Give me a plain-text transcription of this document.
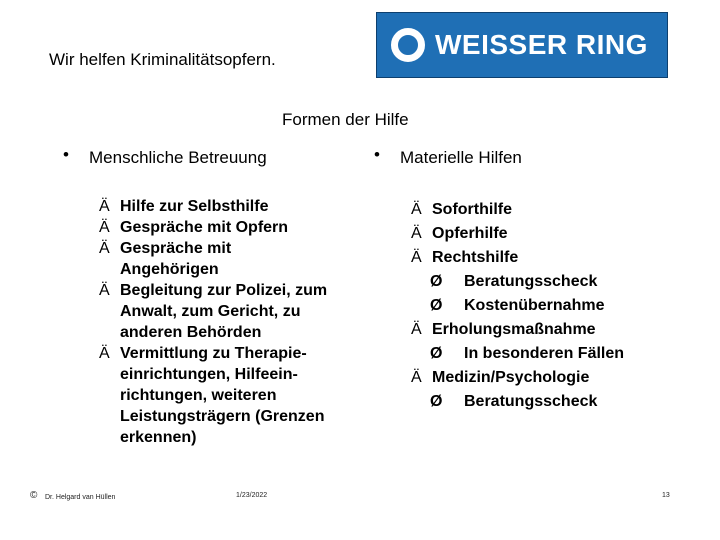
Wir helfen Kriminalitätsopfern.	WEISSER RING
Formen der Hilfe
• Menschliche Betreuung
Ä Hilfe zur Selbsthilfe
Ä Gespräche mit Opfern
Ä Gespräche mit Angehörigen
Ä Begleitung zur Polizei, zum Anwalt, zum Gericht, zu anderen Behörden
Ä Vermittlung zu Therapie-einrichtungen, Hilfeein-richtungen, weiteren Leistungsträgern (Grenzen erkennen)
• Materielle Hilfen
Ä Soforthilfe
Ä Opferhilfe
Ä Rechtshilfe
Ø Beratungsscheck
Ø Kostenübernahme
Ä Erholungsmaßnahme
Ø In besonderen Fällen
Ä Medizin/Psychologie
Ø Beratungsscheck
© Dr. Helgard van Hüllen	1/23/2022	13
